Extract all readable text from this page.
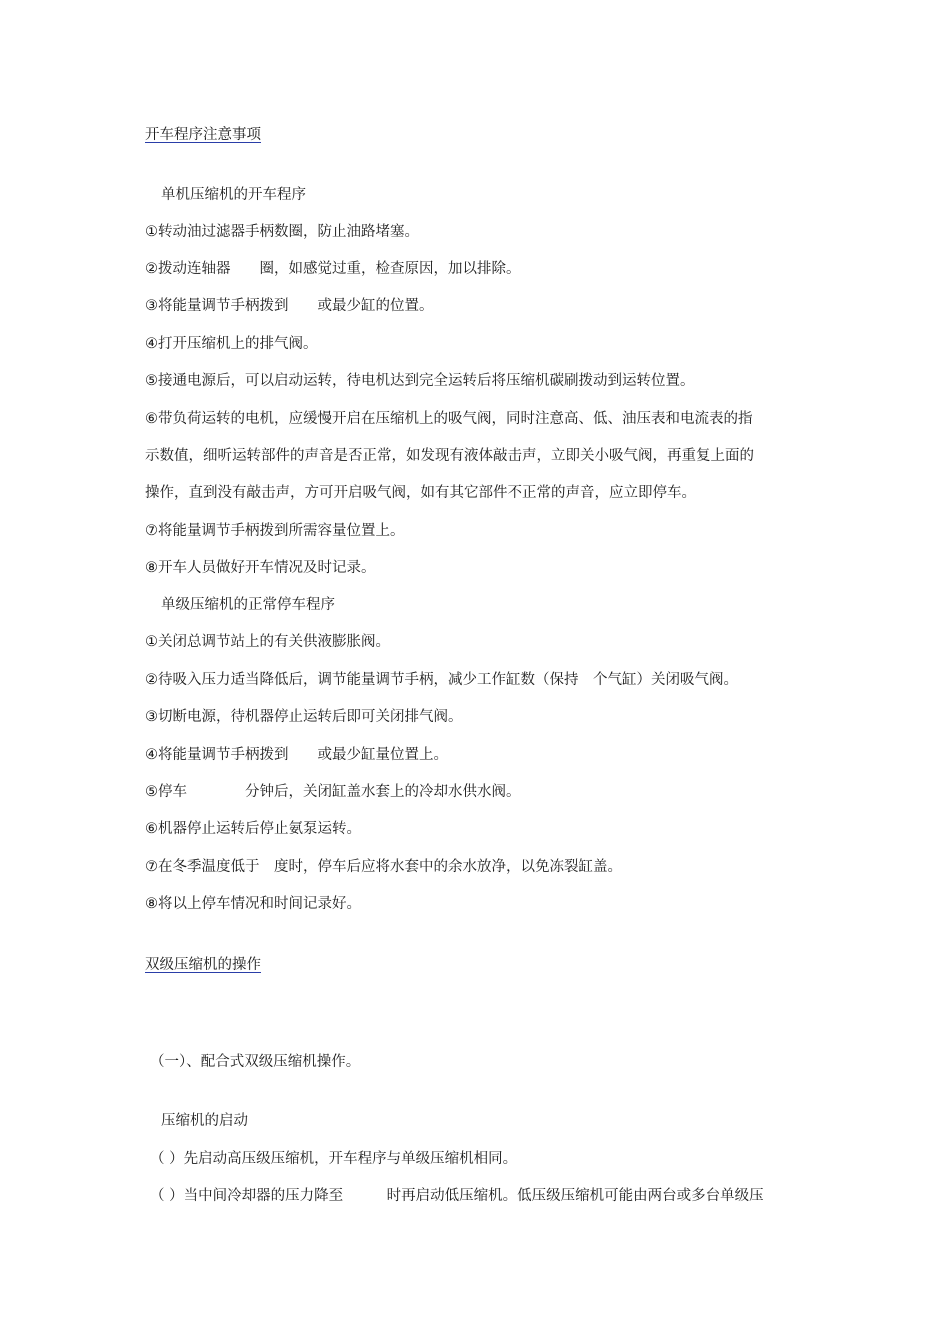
开车程序注意事项
单机压缩机的开车程序
①转动油过滤器手柄数圈，防止油路堵塞。
②拨动连轴器　　圈，如感觉过重，检查原因，加以排除。
③将能量调节手柄拨到　　或最少缸的位置。
④打开压缩机上的排气阀。
⑤接通电源后，可以启动运转，待电机达到完全运转后将压缩机碳刷拨动到运转位置。
⑥带负荷运转的电机，应缓慢开启在压缩机上的吸气阀，同时注意高、低、油压表和电流表的指
示数值，细听运转部件的声音是否正常，如发现有液体敲击声，立即关小吸气阀，再重复上面的
操作，直到没有敲击声，方可开启吸气阀，如有其它部件不正常的声音，应立即停车。
⑦将能量调节手柄拨到所需容量位置上。
⑧开车人员做好开车情况及时记录。
单级压缩机的正常停车程序
①关闭总调节站上的有关供液膨胀阀。
②待吸入压力适当降低后，调节能量调节手柄，减少工作缸数（保持　个气缸）关闭吸气阀。
③切断电源，待机器停止运转后即可关闭排气阀。
④将能量调节手柄拨到　　或最少缸量位置上。
⑤停车　　　　分钟后，关闭缸盖水套上的冷却水供水阀。
⑥机器停止运转后停止氨泵运转。
⑦在冬季温度低于　度时，停车后应将水套中的余水放净，以免冻裂缸盖。
⑧将以上停车情况和时间记录好。
双级压缩机的操作
（一）、配合式双级压缩机操作。
压缩机的启动
（ ）先启动高压级压缩机，开车程序与单级压缩机相同。
（ ）当中间冷却器的压力降至　　　时再启动低压缩机。低压级压缩机可能由两台或多台单级压
